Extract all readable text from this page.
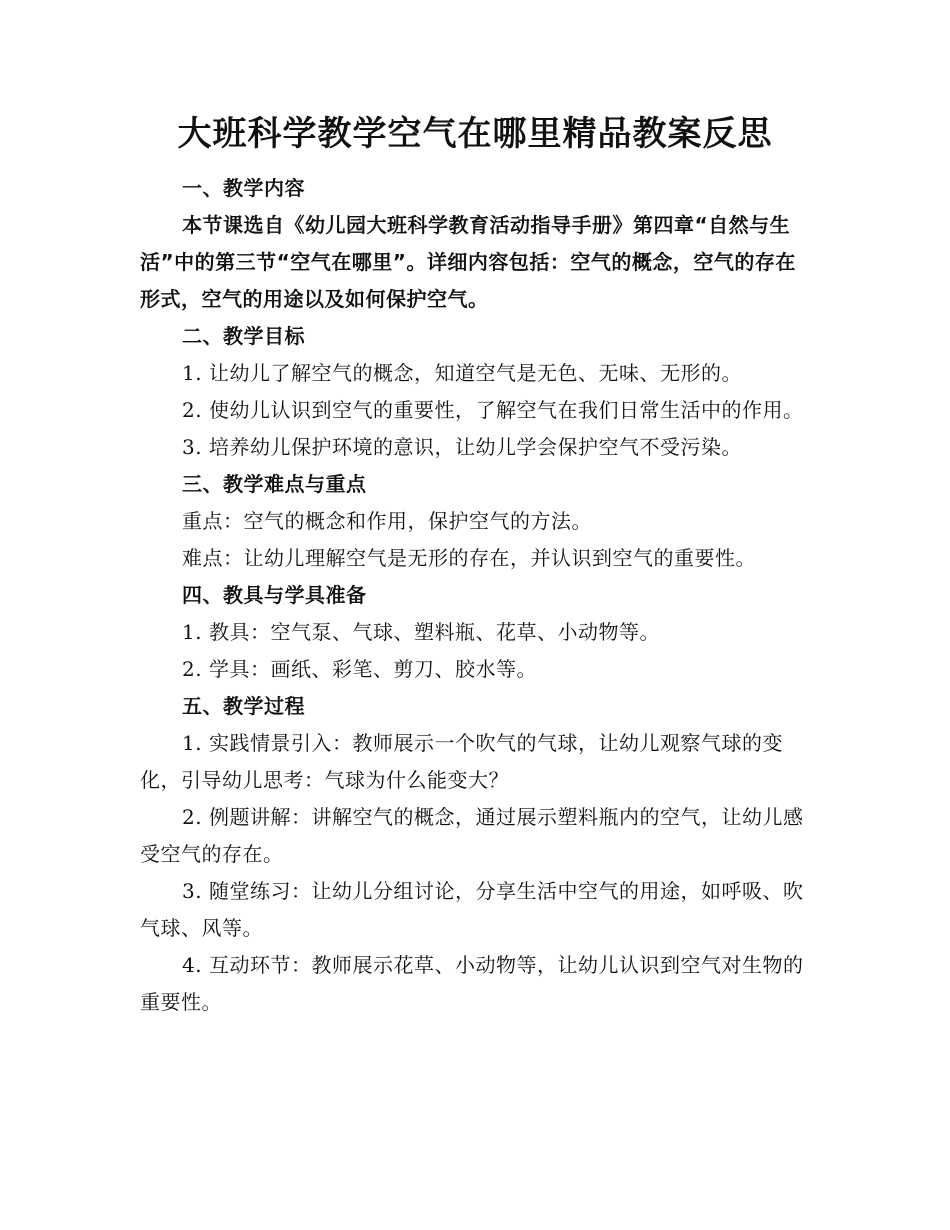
大班科学教学空气在哪里精品教案反思

一、教学内容

本节课选自《幼儿园大班科学教育活动指导手册》第四章“自然与生活”中的第三节“空气在哪里”。详细内容包括：空气的概念，空气的存在形式，空气的用途以及如何保护空气。

二、教学目标

1. 让幼儿了解空气的概念，知道空气是无色、无味、无形的。

2. 使幼儿认识到空气的重要性，了解空气在我们日常生活中的作用。

3. 培养幼儿保护环境的意识，让幼儿学会保护空气不受污染。

三、教学难点与重点

重点：空气的概念和作用，保护空气的方法。

难点：让幼儿理解空气是无形的存在，并认识到空气的重要性。

四、教具与学具准备

1. 教具：空气泵、气球、塑料瓶、花草、小动物等。

2. 学具：画纸、彩笔、剪刀、胶水等。

五、教学过程

1. 实践情景引入：教师展示一个吹气的气球，让幼儿观察气球的变化，引导幼儿思考：气球为什么能变大？

2. 例题讲解：讲解空气的概念，通过展示塑料瓶内的空气，让幼儿感受空气的存在。

3. 随堂练习：让幼儿分组讨论，分享生活中空气的用途，如呼吸、吹气球、风等。

4. 互动环节：教师展示花草、小动物等，让幼儿认识到空气对生物的重要性。
